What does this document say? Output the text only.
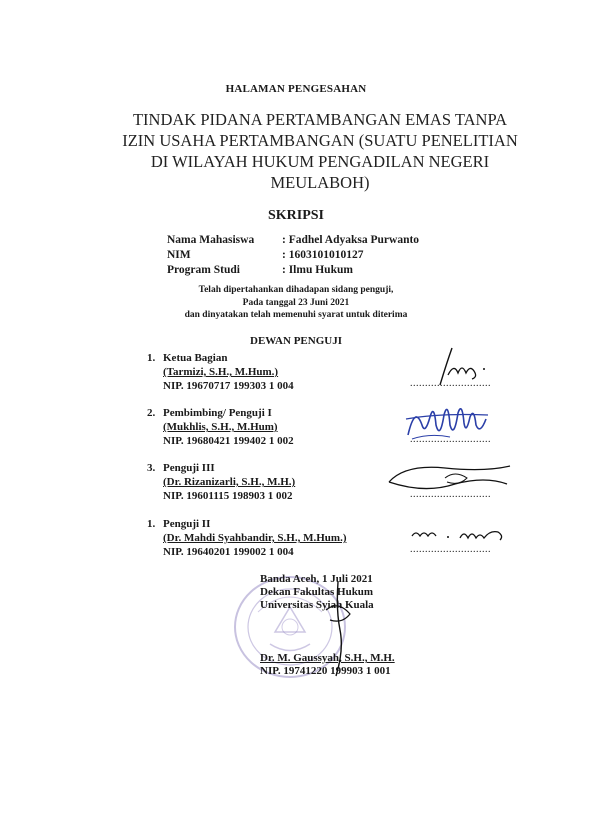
HALAMAN PENGESAHAN
TINDAK PIDANA PERTAMBANGAN EMAS TANPA
IZIN USAHA PERTAMBANGAN (SUATU PENELITIAN
DI WILAYAH HUKUM PENGADILAN NEGERI
MEULABOH)
SKRIPSI
Nama Mahasiswa : Fadhel Adyaksa Purwanto
NIM	: 1603101010127
Program Studi	: Ilmu Hukum
Telah dipertahankan dihadapan sidang penguji,
Pada tanggal 23 Juni 2021
dan dinyatakan telah memenuhi syarat untuk diterima
DEWAN PENGUJI
1. Ketua Bagian
(Tarmizi, S.H., M.Hum.)
NIP. 19670717 199303 1 004	...........................
2. Pembimbing/ Penguji I
(Mukhlis, S.H., M.Hum)
NIP. 19680421 199402 1 002	...........................
3. Penguji III
(Dr. Rizanizarli, S.H., M.H.)
NIP. 19601115 198903 1 002	...........................
1. Penguji II
(Dr. Mahdi Syahbandir, S.H., M.Hum.)
NIP. 19640201 199002 1 004	...........................
Banda Aceh, 1 Juli 2021
Dekan Fakultas Hukum
Universitas Syiah Kuala
Dr. M. Gaussyah, S.H., M.H.
NIP. 19741220 199903 1 001
